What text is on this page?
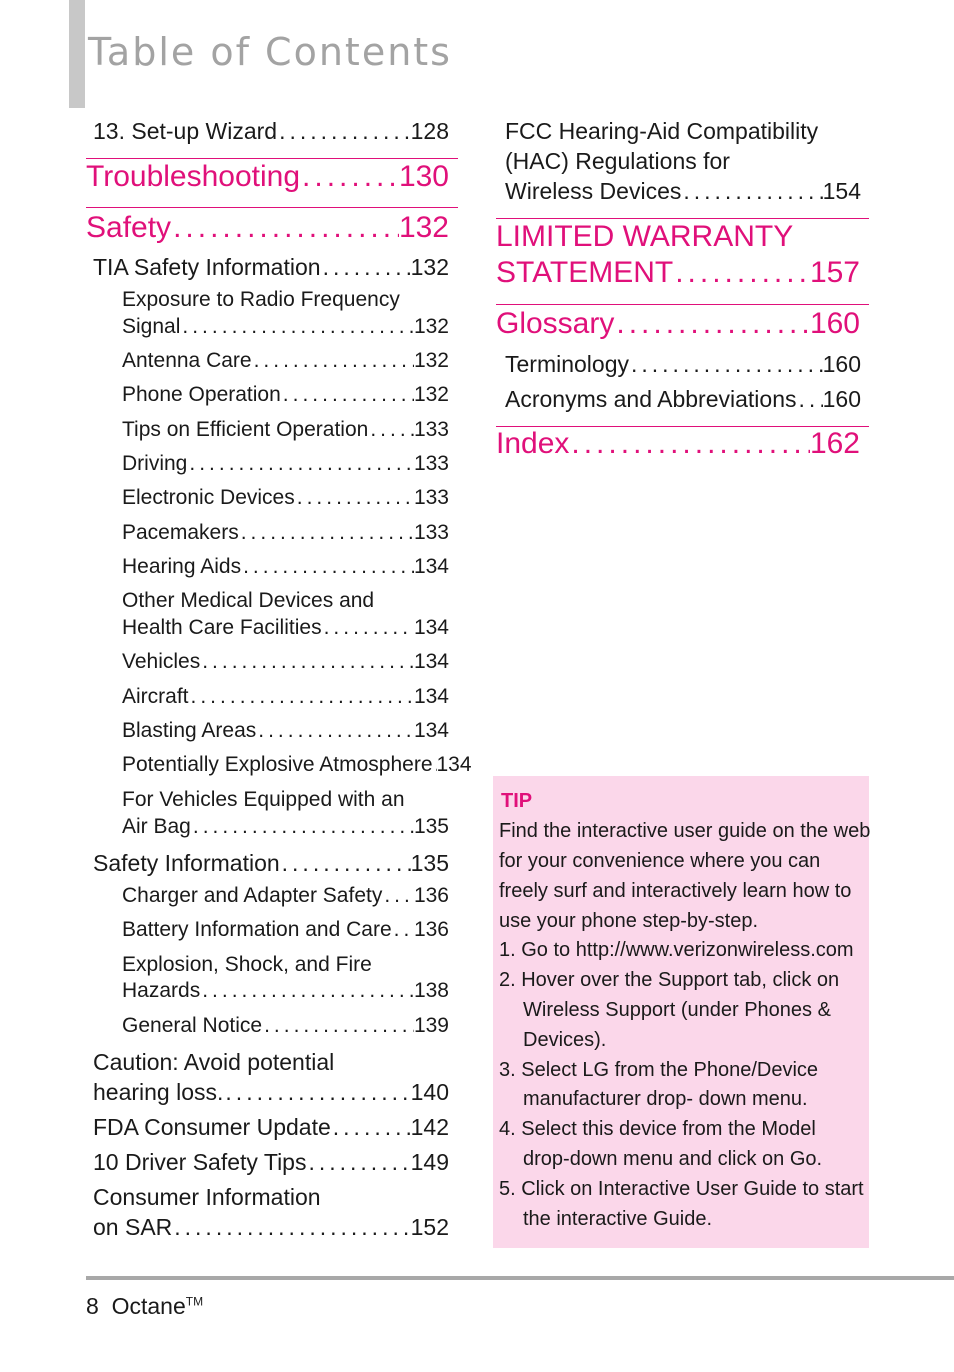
Table of Contents
13. Set-up Wizard .....	128
Troubleshooting .....	130
Safety .....	132
TIA Safety Information .....	132
Exposure to Radio Frequency
Signal .....	132
Antenna Care .....	132
Phone Operation .....	132
Tips on Efficient Operation ..... 133
Driving .....	133
Electronic Devices .....	133
Pacemakers .....	133
Hearing Aids .....	134
Other Medical Devices and
Health Care Facilities .....	134
Vehicles .....	134
Aircraft .....	134
Blasting Areas .....	134
Potentially Explosive Atmosphere ..... 134
For Vehicles Equipped with an
Air Bag .....	135
Safety Information .....	135
Charger and Adapter Safety ..... 136
Battery Information and Care ..... 136
Explosion, Shock, and Fire
Hazards .....	138
General Notice .....	139
Caution: Avoid potential
hearing loss. .....	140
FDA Consumer Update .....	142
10 Driver Safety Tips .....	149
Consumer Information
on SAR .....	152
FCC Hearing-Aid Compatibility
(HAC) Regulations for
Wireless Devices .....	154
LIMITED WARRANTY
STATEMENT .....	157
Glossary .....	160
Terminology .....	160
Acronyms and Abbreviations ..... 160
Index .....	162
TIP
Find the interactive user guide on the web
for your convenience where you can
freely surf and interactively learn how to
use your phone step-by-step.
1. Go to http://www.verizonwireless.com
2. Hover over the Support tab, click on
Wireless Support (under Phones &
Devices).
3. Select LG from the Phone/Device
manufacturer drop- down menu.
4. Select this device from the Model
drop-down menu and click on Go.
5. Click on Interactive User Guide to start
the interactive Guide.
8 Octane™
